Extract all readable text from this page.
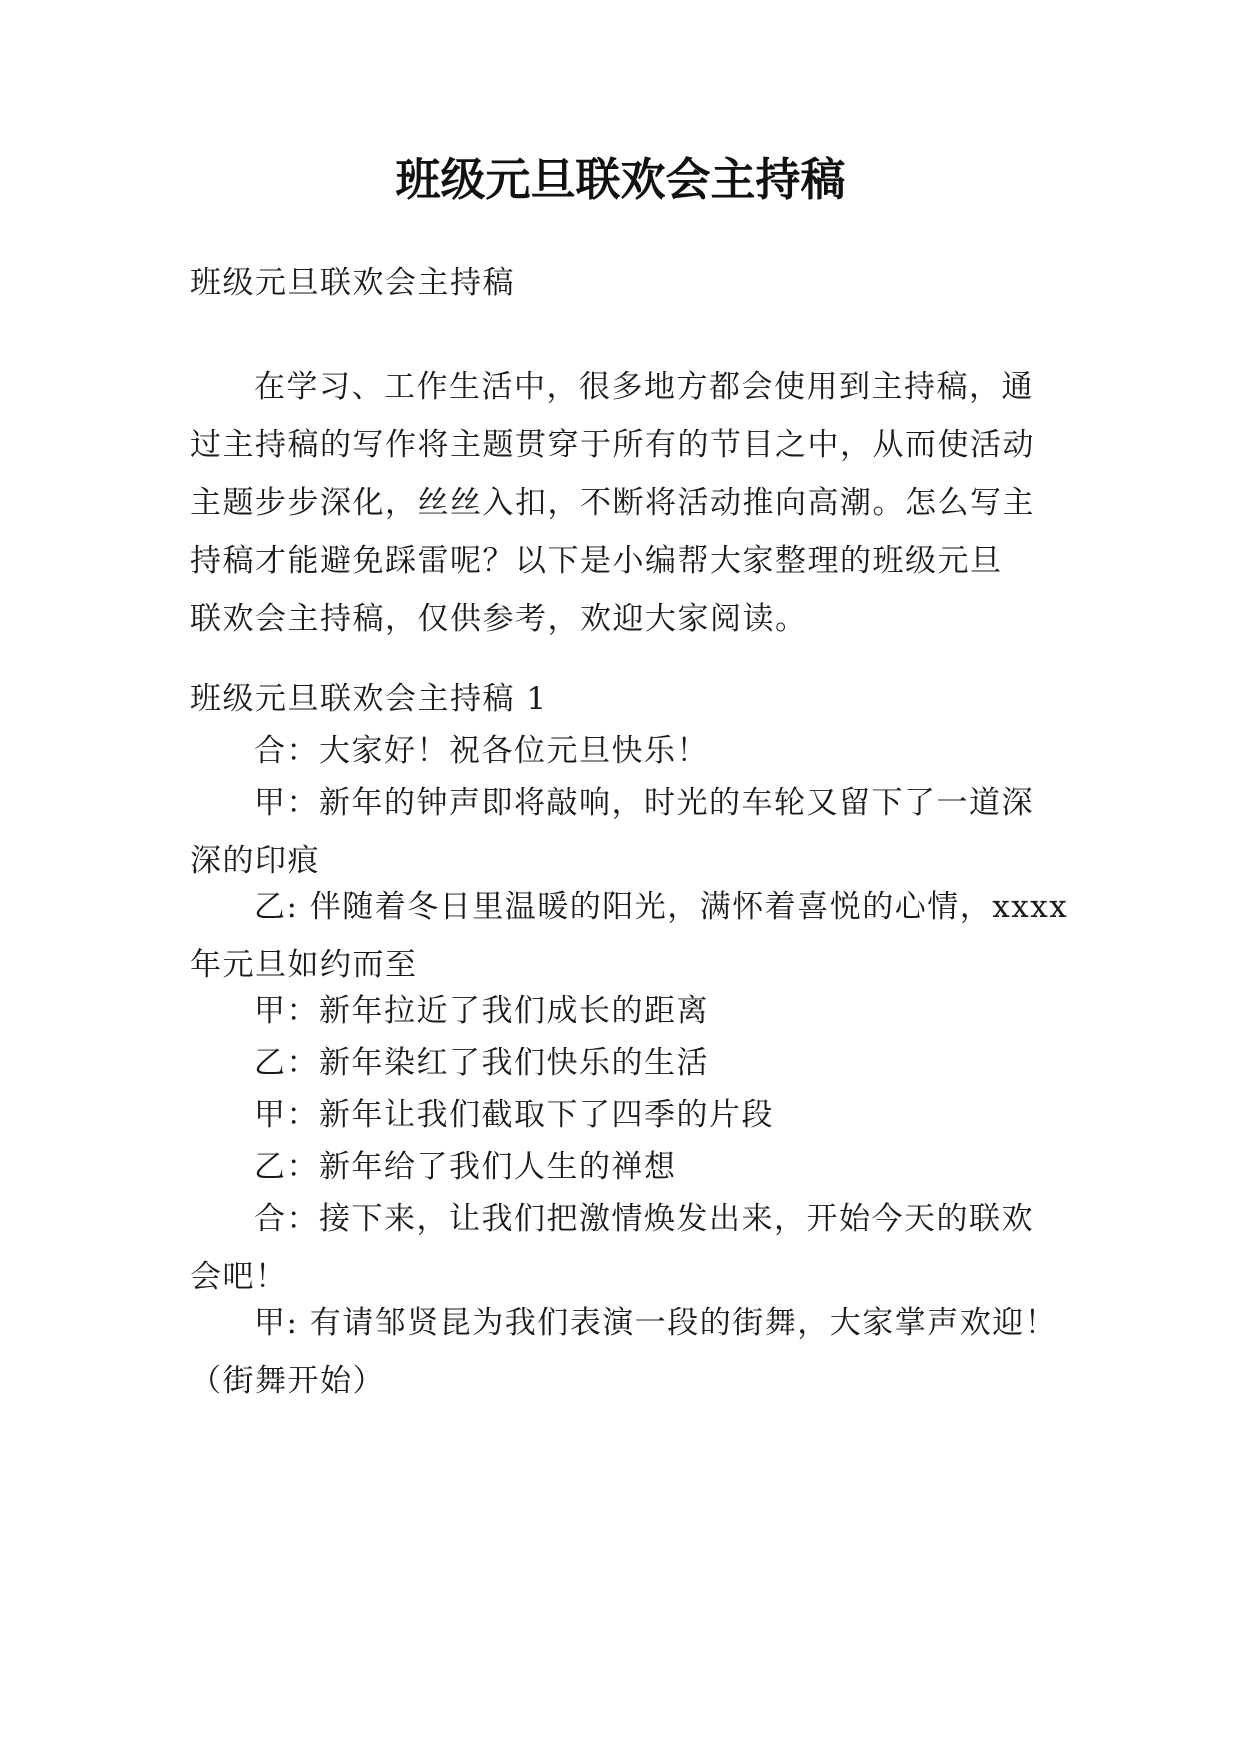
班级元旦联欢会主持稿

班级元旦联欢会主持稿

在学习、工作生活中，很多地方都会使用到主持稿，通
过主持稿的写作将主题贯穿于所有的节目之中，从而使活动
主题步步深化，丝丝入扣，不断将活动推向高潮。怎么写主
持稿才能避免踩雷呢？以下是小编帮大家整理的班级元旦
联欢会主持稿，仅供参考，欢迎大家阅读。

班级元旦联欢会主持稿 1

合：大家好！祝各位元旦快乐！
甲：新年的钟声即将敲响，时光的车轮又留下了一道深
深的印痕
乙: 伴随着冬日里温暖的阳光，满怀着喜悦的心情，xxxx
年元旦如约而至
甲：新年拉近了我们成长的距离
乙：新年染红了我们快乐的生活
甲：新年让我们截取下了四季的片段
乙：新年给了我们人生的禅想
合：接下来，让我们把激情焕发出来，开始今天的联欢
会吧！
甲: 有请邹贤昆为我们表演一段的街舞，大家掌声欢迎！
（街舞开始）
